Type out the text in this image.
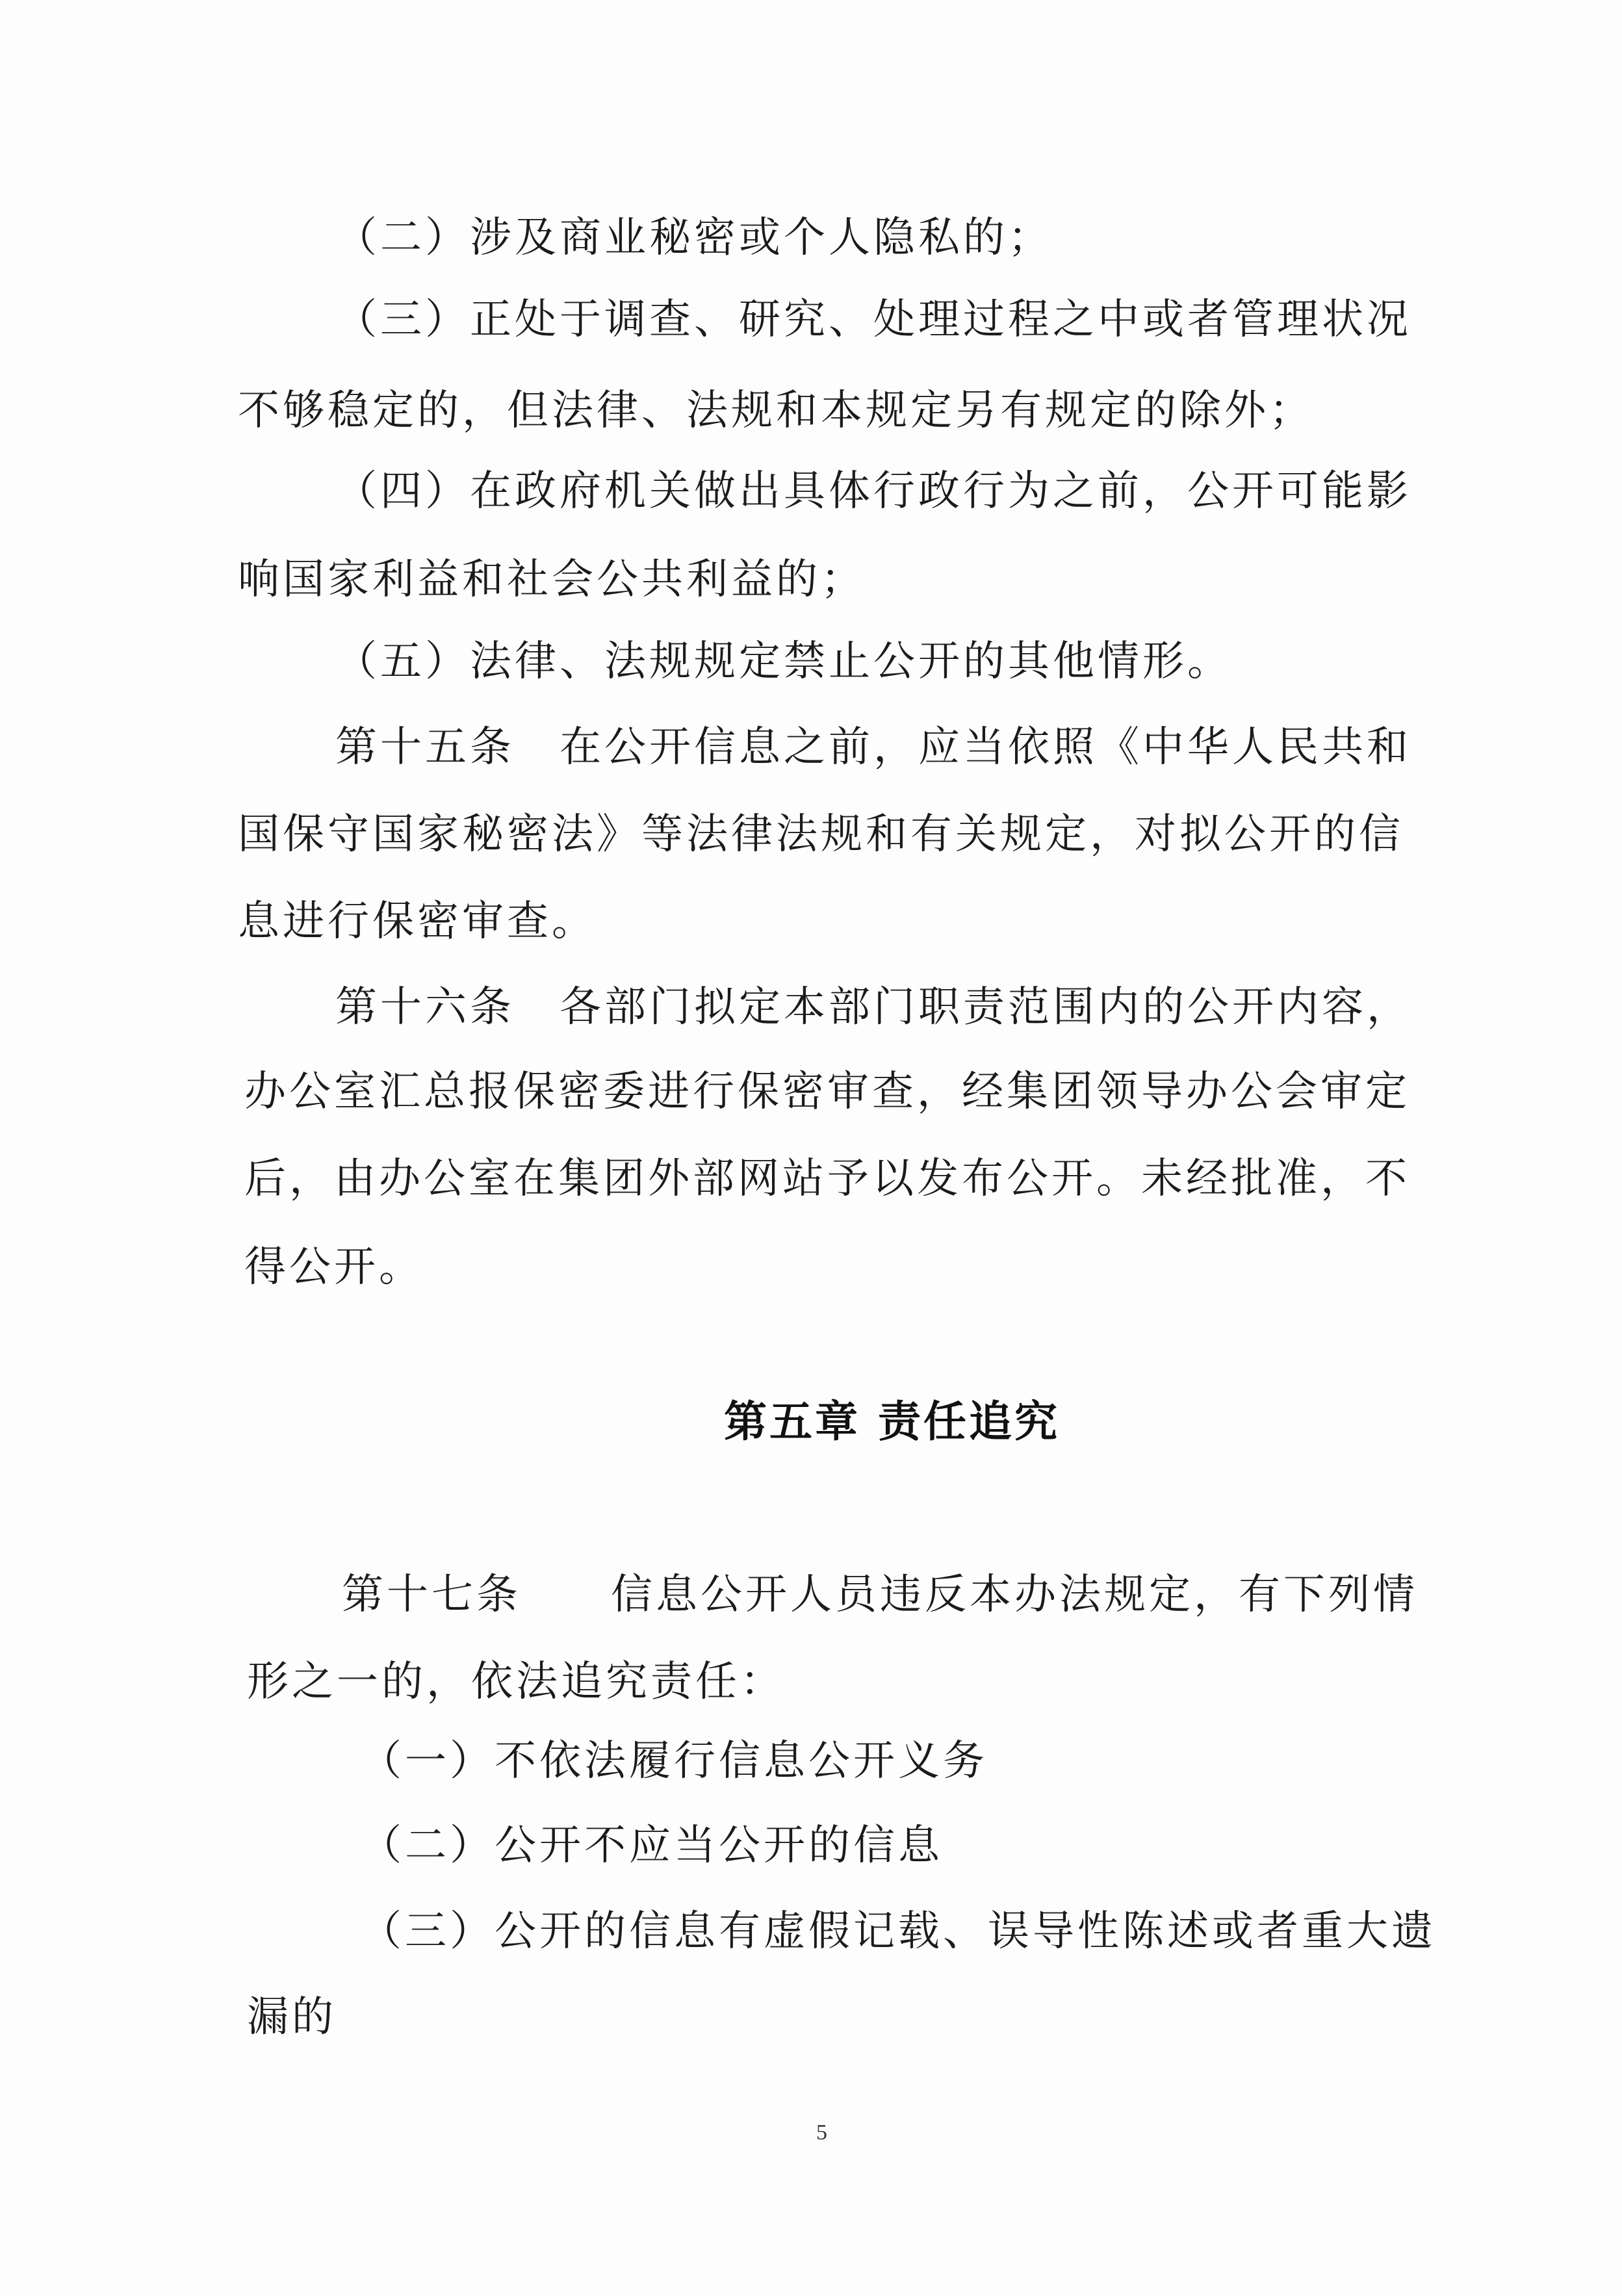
（二）涉及商业秘密或个人隐私的；
（三）正处于调查、研究、处理过程之中或者管理状况
不够稳定的，但法律、法规和本规定另有规定的除外；
（四）在政府机关做出具体行政行为之前，公开可能影
响国家利益和社会公共利益的；
（五）法律、法规规定禁止公开的其他情形。
第十五条　在公开信息之前，应当依照《中华人民共和
国保守国家秘密法》等法律法规和有关规定，对拟公开的信
息进行保密审查。
第十六条　各部门拟定本部门职责范围内的公开内容，
办公室汇总报保密委进行保密审查，经集团领导办公会审定
后，由办公室在集团外部网站予以发布公开。未经批准，不
得公开。
第五章 责任追究
第十七条　　信息公开人员违反本办法规定，有下列情
形之一的，依法追究责任：
（一）不依法履行信息公开义务
（二）公开不应当公开的信息
（三）公开的信息有虚假记载、误导性陈述或者重大遗
漏的
5
